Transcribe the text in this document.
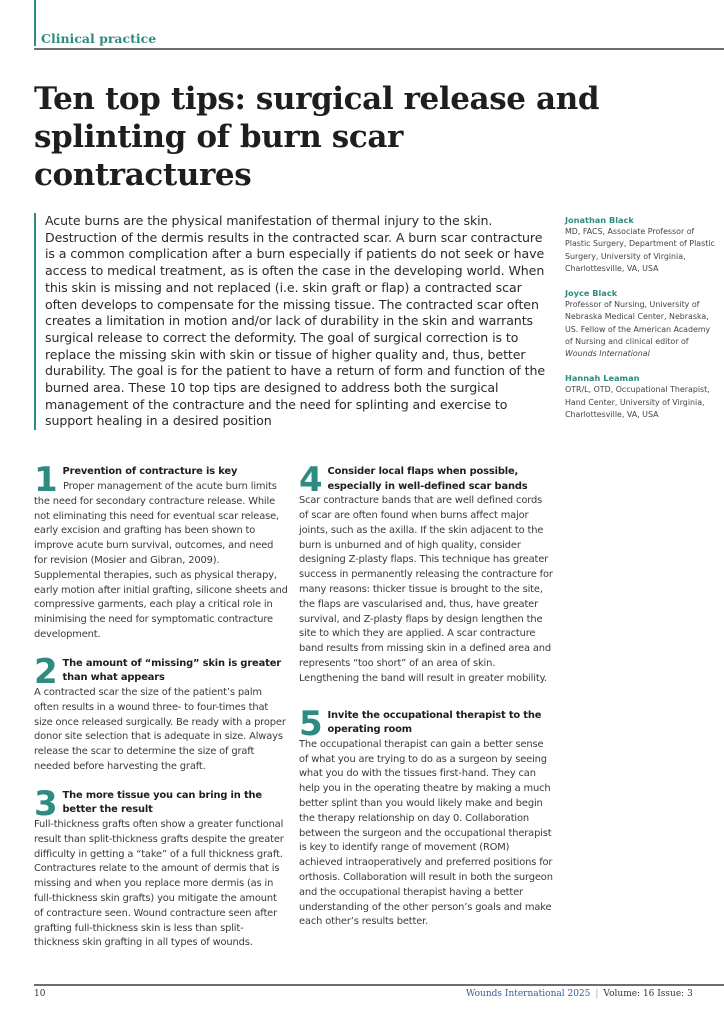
Clinical practice
Ten top tips: surgical release and splinting of burn scar contractures
Acute burns are the physical manifestation of thermal injury to the skin. Destruction of the dermis results in the contracted scar. A burn scar contracture is a common complication after a burn especially if patients do not seek or have access to medical treatment, as is often the case in the developing world. When this skin is missing and not replaced (i.e. skin graft or flap) a contracted scar often develops to compensate for the missing tissue. The contracted scar often creates a limitation in motion and/or lack of durability in the skin and warrants surgical release to correct the deformity. The goal of surgical correction is to replace the missing skin with skin or tissue of higher quality and, thus, better durability. The goal is for the patient to have a return of form and function of the burned area. These 10 top tips are designed to address both the surgical management of the contracture and the need for splinting and exercise to support healing in a desired position
Jonathan Black
MD, FACS, Associate Professor of Plastic Surgery, Department of Plastic Surgery, University of Virginia, Charlottesville, VA, USA
Joyce Black
Professor of Nursing, University of Nebraska Medical Center, Nebraska, US. Fellow of the American Academy of Nursing and clinical editor of Wounds International
Hannah Leaman
OTR/L, OTD, Occupational Therapist, Hand Center, University of Virginia, Charlottesville, VA, USA
1 Prevention of contracture is key
Proper management of the acute burn limits the need for secondary contracture release. While not eliminating this need for eventual scar release, early excision and grafting has been shown to improve acute burn survival, outcomes, and need for revision (Mosier and Gibran, 2009). Supplemental therapies, such as physical therapy, early motion after initial grafting, silicone sheets and compressive garments, each play a critical role in minimising the need for symptomatic contracture development.
2 The amount of “missing” skin is greater than what appears
A contracted scar the size of the patient’s palm often results in a wound three- to four-times that size once released surgically. Be ready with a proper donor site selection that is adequate in size. Always release the scar to determine the size of graft needed before harvesting the graft.
3 The more tissue you can bring in the better the result
Full-thickness grafts often show a greater functional result than split-thickness grafts despite the greater difficulty in getting a “take” of a full thickness graft. Contractures relate to the amount of dermis that is missing and when you replace more dermis (as in full-thickness skin grafts) you mitigate the amount of contracture seen. Wound contracture seen after grafting full-thickness skin is less than split-thickness skin grafting in all types of wounds.
4 Consider local flaps when possible, especially in well-defined scar bands
Scar contracture bands that are well defined cords of scar are often found when burns affect major joints, such as the axilla. If the skin adjacent to the burn is unburned and of high quality, consider designing Z-plasty flaps. This technique has greater success in permanently releasing the contracture for many reasons: thicker tissue is brought to the site, the flaps are vascularised and, thus, have greater survival, and Z-plasty flaps by design lengthen the site to which they are applied. A scar contracture band results from missing skin in a defined area and represents “too short” of an area of skin. Lengthening the band will result in greater mobility.
5 Invite the occupational therapist to the operating room
The occupational therapist can gain a better sense of what you are trying to do as a surgeon by seeing what you do with the tissues first-hand. They can help you in the operating theatre by making a much better splint than you would likely make and begin the therapy relationship on day 0. Collaboration between the surgeon and the occupational therapist is key to identify range of movement (ROM) achieved intraoperatively and preferred positions for orthosis. Collaboration will result in both the surgeon and the occupational therapist having a better understanding of the other person’s goals and make each other’s results better.
10	Wounds International 2025 | Volume: 16 Issue: 3
